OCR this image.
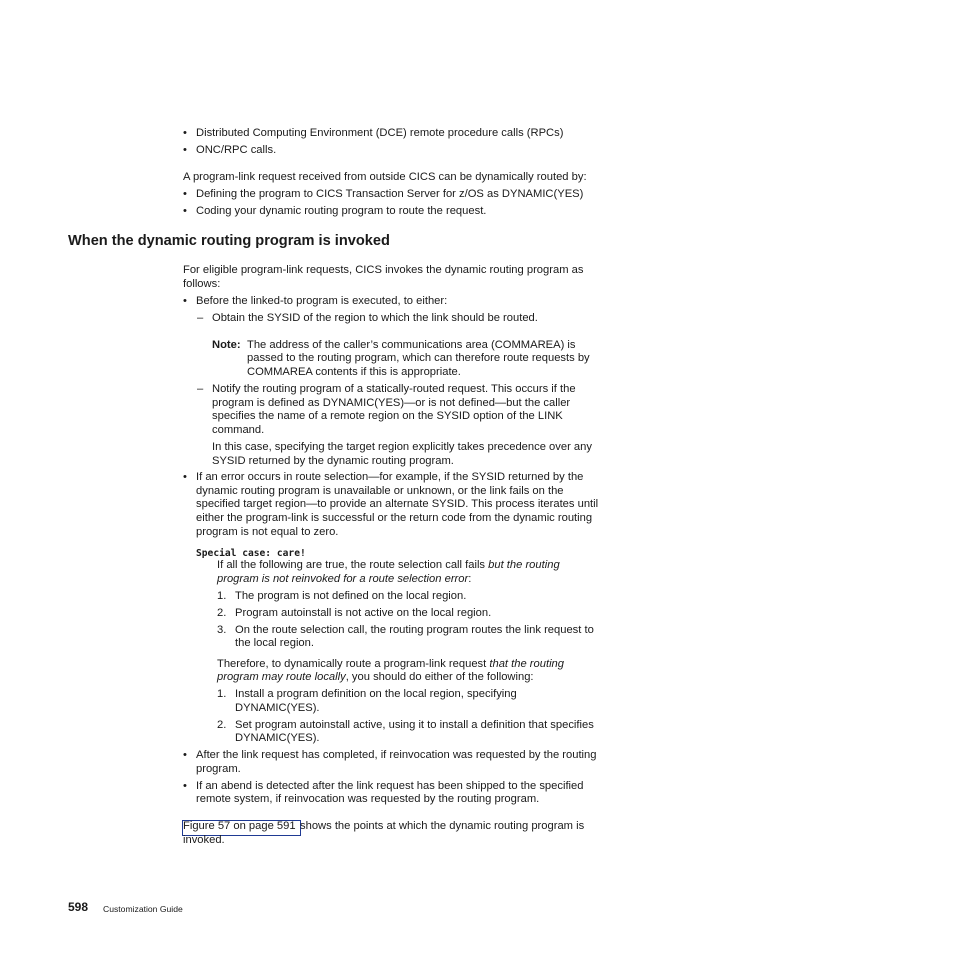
• Distributed Computing Environment (DCE) remote procedure calls (RPCs)
• ONC/RPC calls.
A program-link request received from outside CICS can be dynamically routed by:
• Defining the program to CICS Transaction Server for z/OS as DYNAMIC(YES)
• Coding your dynamic routing program to route the request.
When the dynamic routing program is invoked
For eligible program-link requests, CICS invokes the dynamic routing program as
follows:
• Before the linked-to program is executed, to either:
– Obtain the SYSID of the region to which the link should be routed.
Note: The address of the caller’s communications area (COMMAREA) is
passed to the routing program, which can therefore route requests by
COMMAREA contents if this is appropriate.
– Notify the routing program of a statically-routed request. This occurs if the
program is defined as DYNAMIC(YES)—or is not defined—but the caller
specifies the name of a remote region on the SYSID option of the LINK
command.
In this case, specifying the target region explicitly takes precedence over any
SYSID returned by the dynamic routing program.
• If an error occurs in route selection—for example, if the SYSID returned by the
dynamic routing program is unavailable or unknown, or the link fails on the
specified target region—to provide an alternate SYSID. This process iterates until
either the program-link is successful or the return code from the dynamic routing
program is not equal to zero.
Special case: care!
If all the following are true, the route selection call fails but the routing
program is not reinvoked for a route selection error:
1. The program is not defined on the local region.
2. Program autoinstall is not active on the local region.
3. On the route selection call, the routing program routes the link request to
the local region.
Therefore, to dynamically route a program-link request that the routing
program may route locally, you should do either of the following:
1. Install a program definition on the local region, specifying
DYNAMIC(YES).
2. Set program autoinstall active, using it to install a definition that specifies
DYNAMIC(YES).
• After the link request has completed, if reinvocation was requested by the routing
program.
• If an abend is detected after the link request has been shipped to the specified
remote system, if reinvocation was requested by the routing program.
Figure 57 on page 591 shows the points at which the dynamic routing program is
invoked.
598 Customization Guide
